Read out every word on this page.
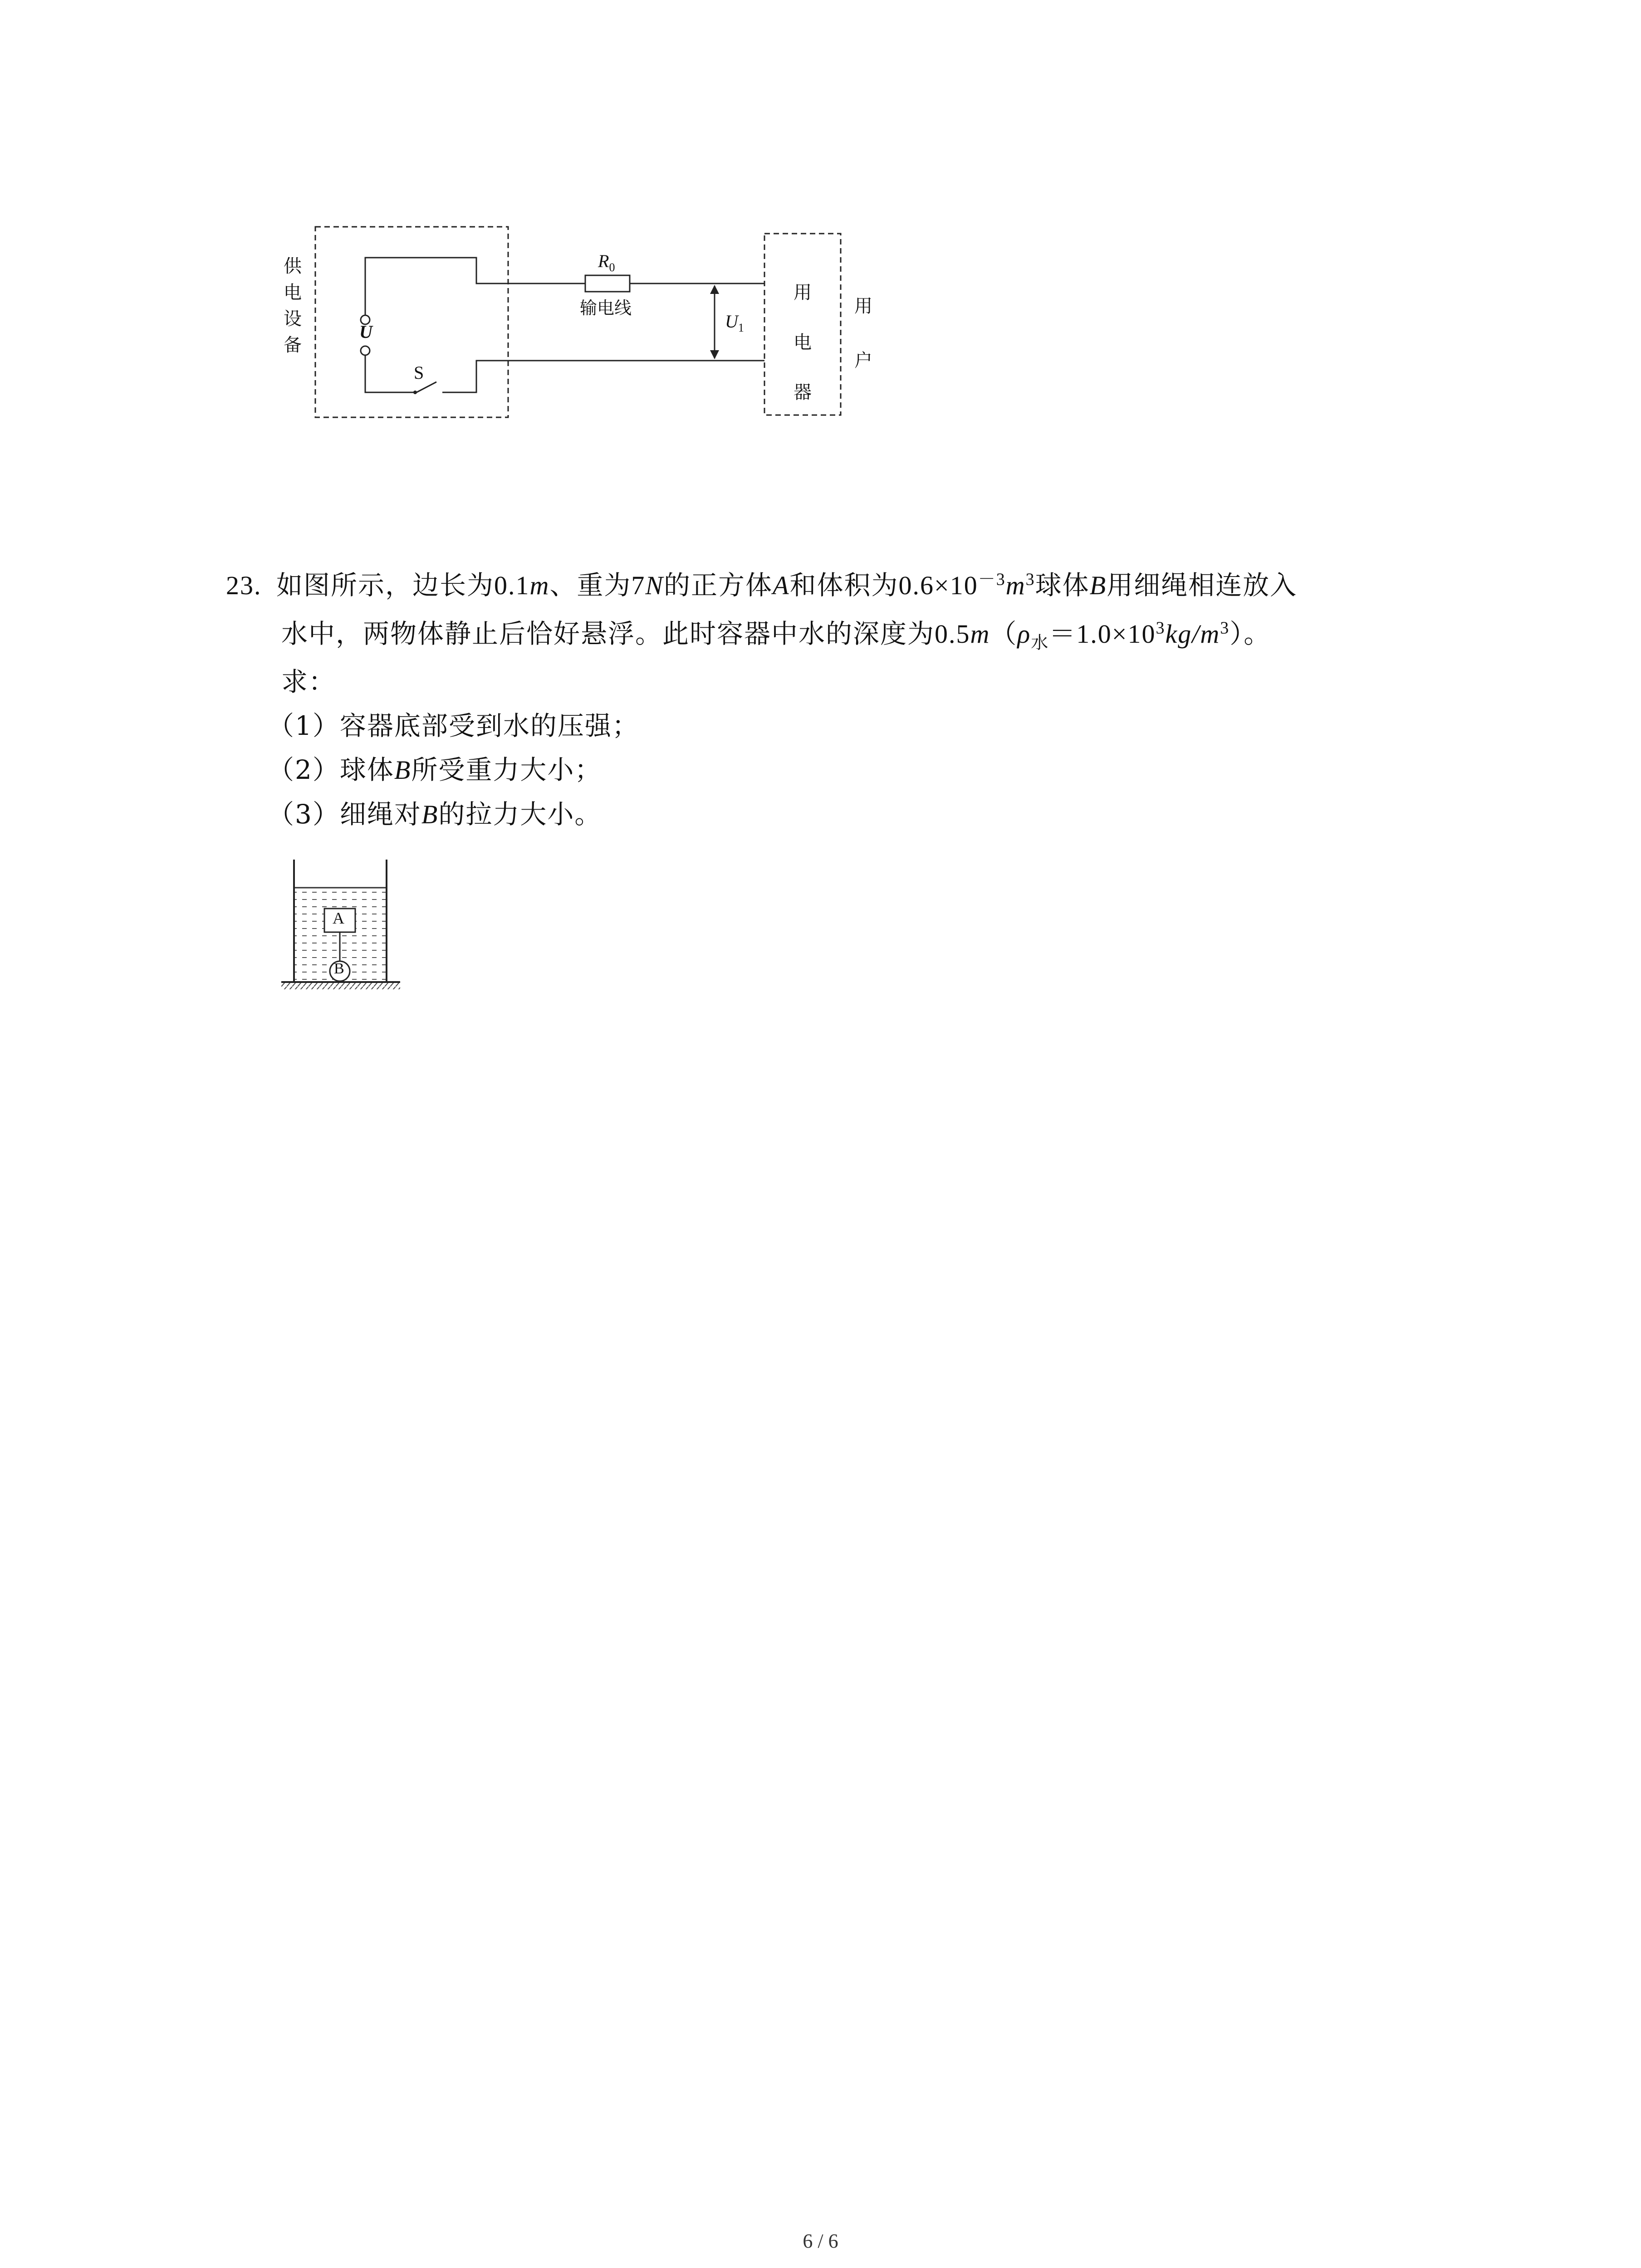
供
电
设
备
U
S
$R_0$
输电线
$U_1$
用
电
器
用
户
23. 如图所示，边长为0.1m、重为7N的正方体A和体积为$0.6\times 10^{-3}m^3$球体B用细绳相连放入
水中，两物体静止后恰好悬浮。此时容器中水的深度为$0.5m(\rho_水=1.0\times 10^3kg/m^3)$。
求：
（1）容器底部受到水的压强；
（2）球体B所受重力大小；
（3）细绳对B的拉力大小。
A
B
6 / 6
